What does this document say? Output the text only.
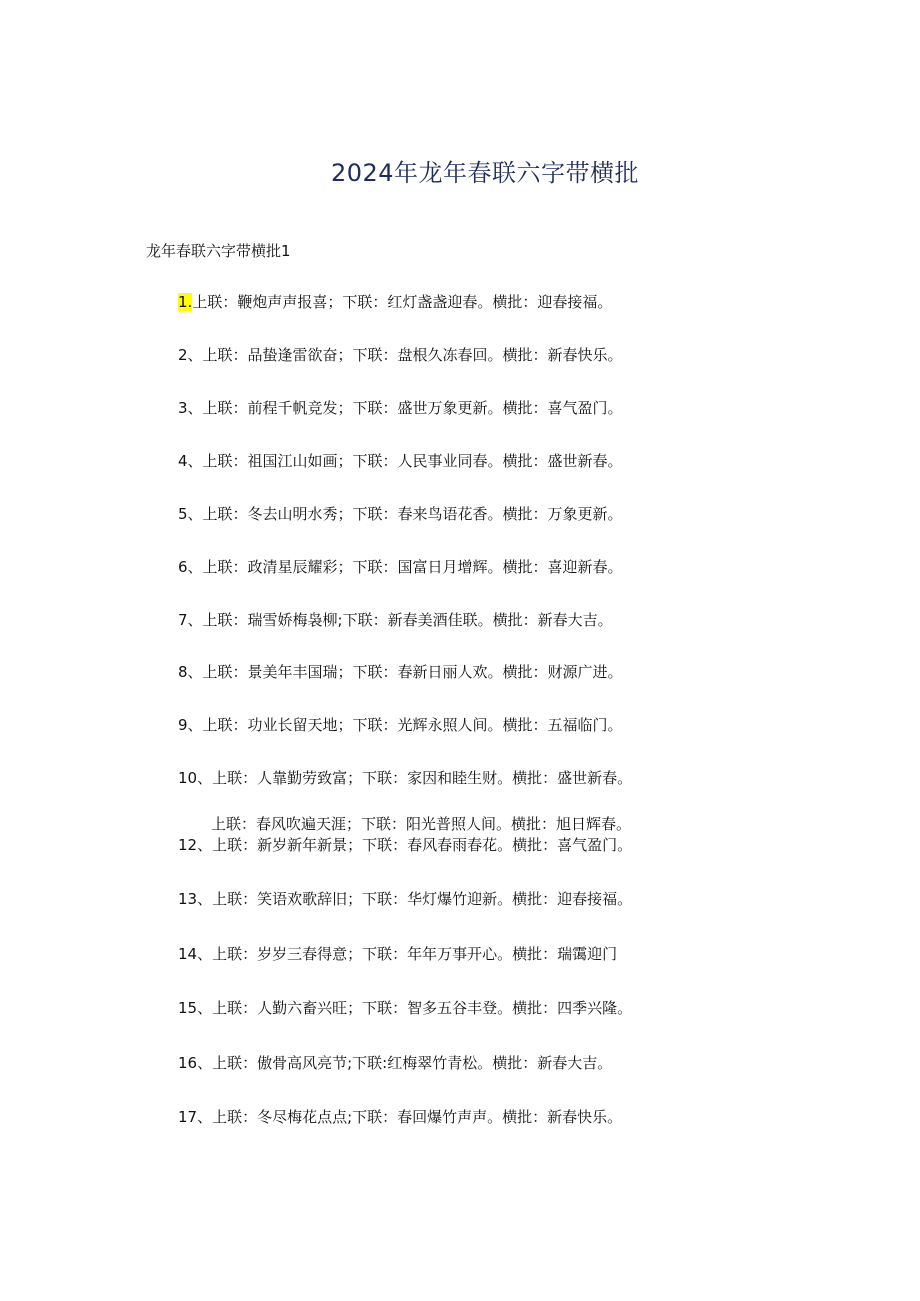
2024年龙年春联六字带横批
龙年春联六字带横批1
1.上联：鞭炮声声报喜；下联：红灯盏盏迎春。横批：迎春接福。
2、上联：品蛰逢雷欲奋；下联：盘根久冻春回。横批：新春快乐。
3、上联：前程千帆竞发；下联：盛世万象更新。横批：喜气盈门。
4、上联：祖国江山如画；下联：人民事业同春。横批：盛世新春。
5、上联：冬去山明水秀；下联：春来鸟语花香。横批：万象更新。
6、上联：政清星辰耀彩；下联：国富日月增辉。横批：喜迎新春。
7、上联：瑞雪娇梅袅柳;下联：新春美酒佳联。横批：新春大吉。
8、上联：景美年丰国瑞；下联：春新日丽人欢。横批：财源广进。
9、上联：功业长留天地；下联：光辉永照人间。横批：五福临门。
10、上联：人靠勤劳致富；下联：家因和睦生财。横批：盛世新春。
上联：春风吹遍天涯；下联：阳光普照人间。横批：旭日辉春。
12、上联：新岁新年新景；下联：春风春雨春花。横批：喜气盈门。
13、上联：笑语欢歌辞旧；下联：华灯爆竹迎新。横批：迎春接福。
14、上联：岁岁三春得意；下联：年年万事开心。横批：瑞霭迎门
15、上联：人勤六畜兴旺；下联：智多五谷丰登。横批：四季兴隆。
16、上联：傲骨高风亮节;下联:红梅翠竹青松。横批：新春大吉。
17、上联：冬尽梅花点点;下联：春回爆竹声声。横批：新春快乐。
